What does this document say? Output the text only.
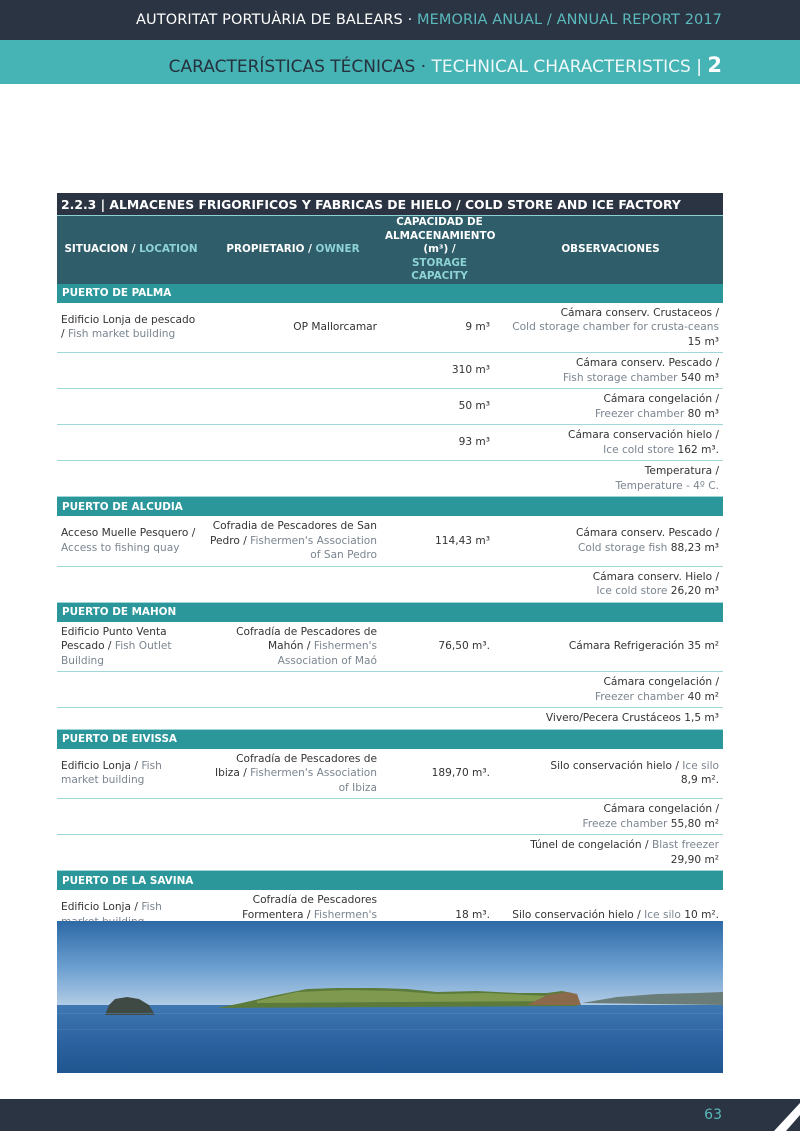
AUTORITAT PORTUÀRIA DE BALEARS · MEMORIA ANUAL / ANNUAL REPORT 2017
CARACTERÍSTICAS TÉCNICAS · TECHNICAL CHARACTERISTICS | 2
2.2.3 | ALMACENES FRIGORIFICOS Y FABRICAS DE HIELO / COLD STORE AND ICE FACTORY			
SITUACION / LOCATION	PROPIETARIO / OWNER	CAPACIDAD DE ALMACENAMIENTO (m³) /
STORAGE CAPACITY	OBSERVACIONES
PUERTO DE PALMA			
Edificio Lonja de pescado / Fish market building	OP Mallorcamar	9 m³	Cámara conserv. Crustaceos /
Cold storage chamber for crusta-ceans 15 m³
		310 m³	Cámara conserv. Pescado /
Fish storage chamber 540 m³
		50 m³	Cámara congelación /
Freezer chamber 80 m³
		93 m³	Cámara conservación hielo /
Ice cold store 162 m³.
			Temperatura /
Temperature - 4º C.
PUERTO DE ALCUDIA			
Acceso Muelle Pesquero / Access to fishing quay	Cofradia de Pescadores de San Pedro / Fishermen's Association of San Pedro	114,43 m³	Cámara conserv. Pescado /
Cold storage fish 88,23 m³
			Cámara conserv. Hielo /
Ice cold store 26,20 m³
PUERTO DE MAHON			
Edificio Punto Venta Pescado / Fish Outlet Building	Cofradía de Pescadores de Mahón / Fishermen's Association of Maó	76,50 m³.	Cámara Refrigeración 35 m²
			Cámara congelación /
Freezer chamber 40 m²
			Vivero/Pecera Crustáceos 1,5 m³
PUERTO DE EIVISSA			
Edificio Lonja / Fish market building	Cofradía de Pescadores de Ibiza / Fishermen's Association of Ibiza	189,70 m³.	Silo conservación hielo / Ice silo
8,9 m².
			Cámara congelación /
Freeze chamber 55,80 m²
			Túnel de congelación / Blast freezer
29,90 m²
PUERTO DE LA SAVINA			
Edificio Lonja / Fish	Cofradía de Pescadores Formentera / Fishermen's	18 m³.	Silo conservación hielo / Ice silo 10 m².
63
